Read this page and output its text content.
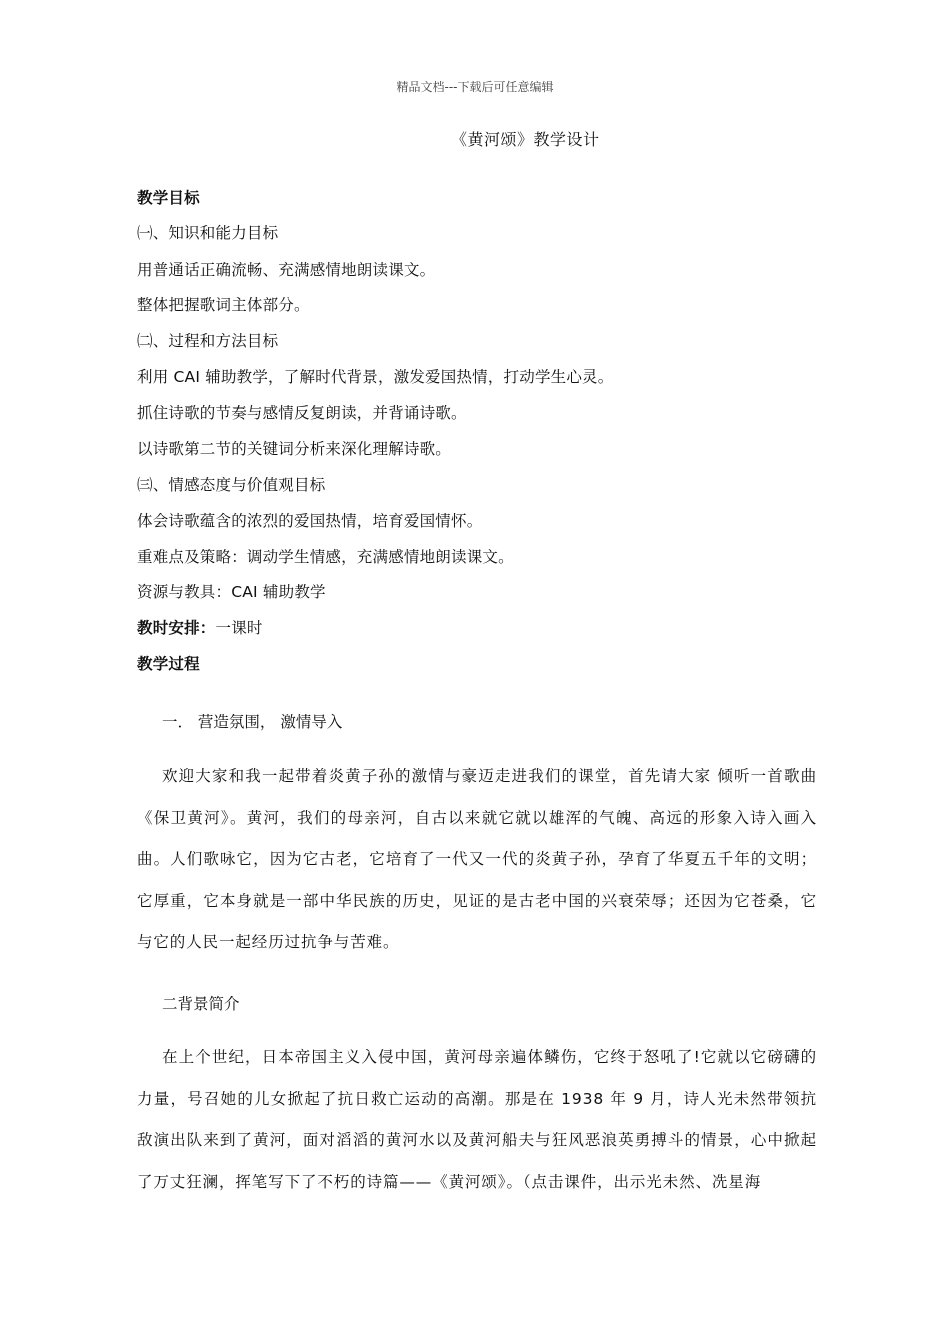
精品文档---下载后可任意编辑
《黄河颂》教学设计
教学目标
㈠、知识和能力目标
用普通话正确流畅、充满感情地朗读课文。
整体把握歌词主体部分。
㈡、过程和方法目标
利用 CAI 辅助教学，了解时代背景，激发爱国热情，打动学生心灵。
抓住诗歌的节奏与感情反复朗读，并背诵诗歌。
以诗歌第二节的关键词分析来深化理解诗歌。
㈢、情感态度与价值观目标
体会诗歌蕴含的浓烈的爱国热情，培育爱国情怀。
重难点及策略：调动学生情感，充满感情地朗读课文。
资源与教具：CAI 辅助教学
教时安排：一课时
教学过程
一． 营造氛围， 激情导入
欢迎大家和我一起带着炎黄子孙的激情与豪迈走进我们的课堂，首先请大家 倾听一首歌曲《保卫黄河》。黄河，我们的母亲河，自古以来就它就以雄浑的气魄、高远的形象入诗入画入曲。人们歌咏它，因为它古老，它培育了一代又一代的炎黄子孙，孕育了华夏五千年的文明；它厚重，它本身就是一部中华民族的历史，见证的是古老中国的兴衰荣辱；还因为它苍桑，它与它的人民一起经历过抗争与苦难。
二背景简介
在上个世纪，日本帝国主义入侵中国，黄河母亲遍体鳞伤，它终于怒吼了!它就以它磅礴的力量，号召她的儿女掀起了抗日救亡运动的高潮。那是在 1938 年 9 月，诗人光未然带领抗敌演出队来到了黄河，面对滔滔的黄河水以及黄河船夫与狂风恶浪英勇搏斗的情景，心中掀起了万丈狂澜，挥笔写下了不朽的诗篇——《黄河颂》。（点击课件，出示光未然、冼星海
